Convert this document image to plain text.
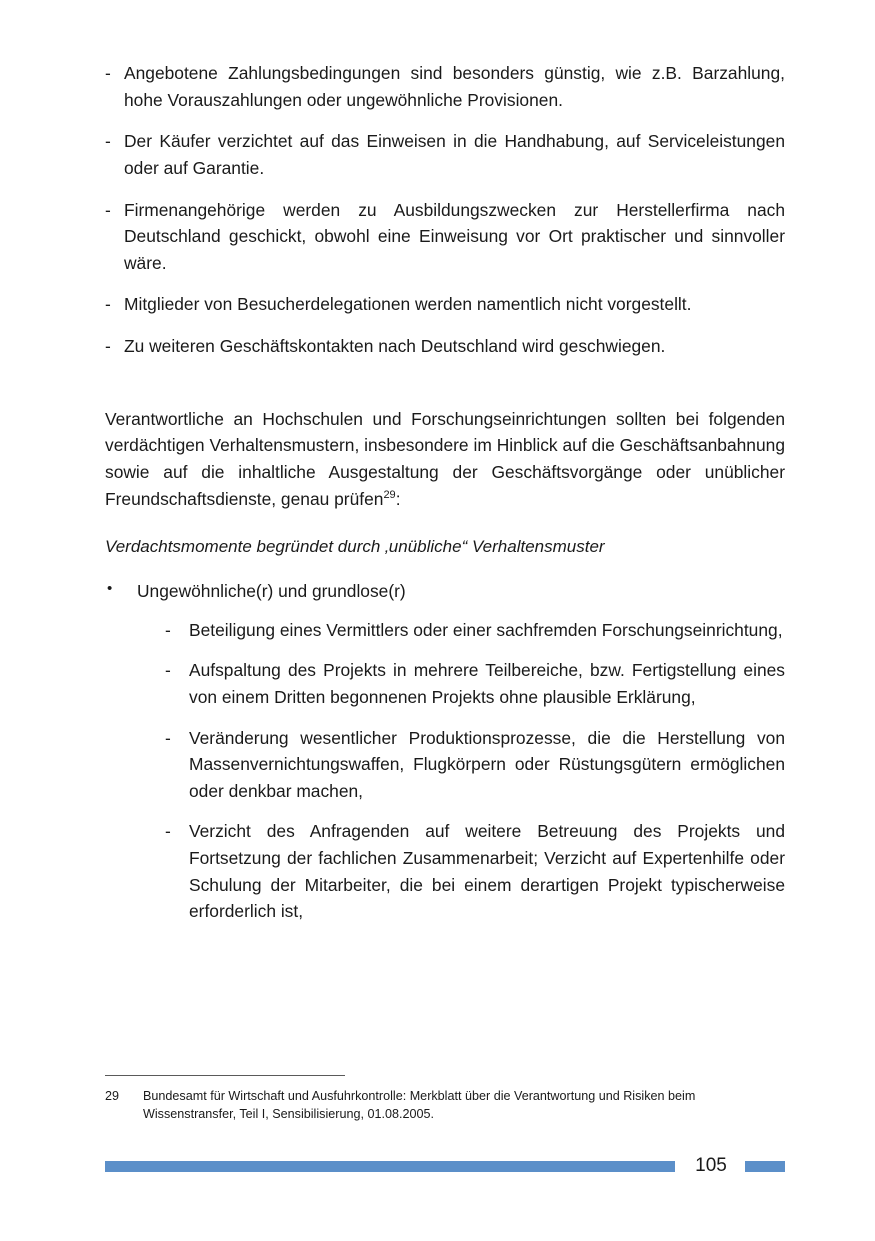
- Angebotene Zahlungsbedingungen sind besonders günstig, wie z.B. Barzahlung, hohe Vorauszahlungen oder ungewöhnliche Provisionen.
- Der Käufer verzichtet auf das Einweisen in die Handhabung, auf Serviceleistungen oder auf Garantie.
- Firmenangehörige werden zu Ausbildungszwecken zur Herstellerfirma nach Deutschland geschickt, obwohl eine Einweisung vor Ort praktischer und sinnvoller wäre.
- Mitglieder von Besucherdelegationen werden namentlich nicht vorgestellt.
- Zu weiteren Geschäftskontakten nach Deutschland wird geschwiegen.

Verantwortliche an Hochschulen und Forschungseinrichtungen sollten bei folgenden verdächtigen Verhaltensmustern, insbesondere im Hinblick auf die Geschäftsanbahnung sowie auf die inhaltliche Ausgestaltung der Geschäftsvorgänge oder unüblicher Freundschaftsdienste, genau prüfen$^{29}$:

Verdachtsmomente begründet durch ‚unübliche“ Verhaltensmuster
• Ungewöhnliche(r) und grundlose(r)
- Beteiligung eines Vermittlers oder einer sachfremden Forschungseinrichtung,
- Aufspaltung des Projekts in mehrere Teilbereiche, bzw. Fertigstellung eines von einem Dritten begonnenen Projekts ohne plausible Erklärung,
- Veränderung wesentlicher Produktionsprozesse, die die Herstellung von Massenvernichtungswaffen, Flugkörpern oder Rüstungsgütern ermöglichen oder denkbar machen,
- Verzicht des Anfragenden auf weitere Betreuung des Projekts und Fortsetzung der fachlichen Zusammenarbeit; Verzicht auf Expertenhilfe oder Schulung der Mitarbeiter, die bei einem derartigen Projekt typischerweise erforderlich ist,
29 Bundesamt für Wirtschaft und Ausfuhrkontrolle: Merkblatt über die Verantwortung und Risiken beim Wissenstransfer, Teil I, Sensibilisierung, 01.08.2005.
105
